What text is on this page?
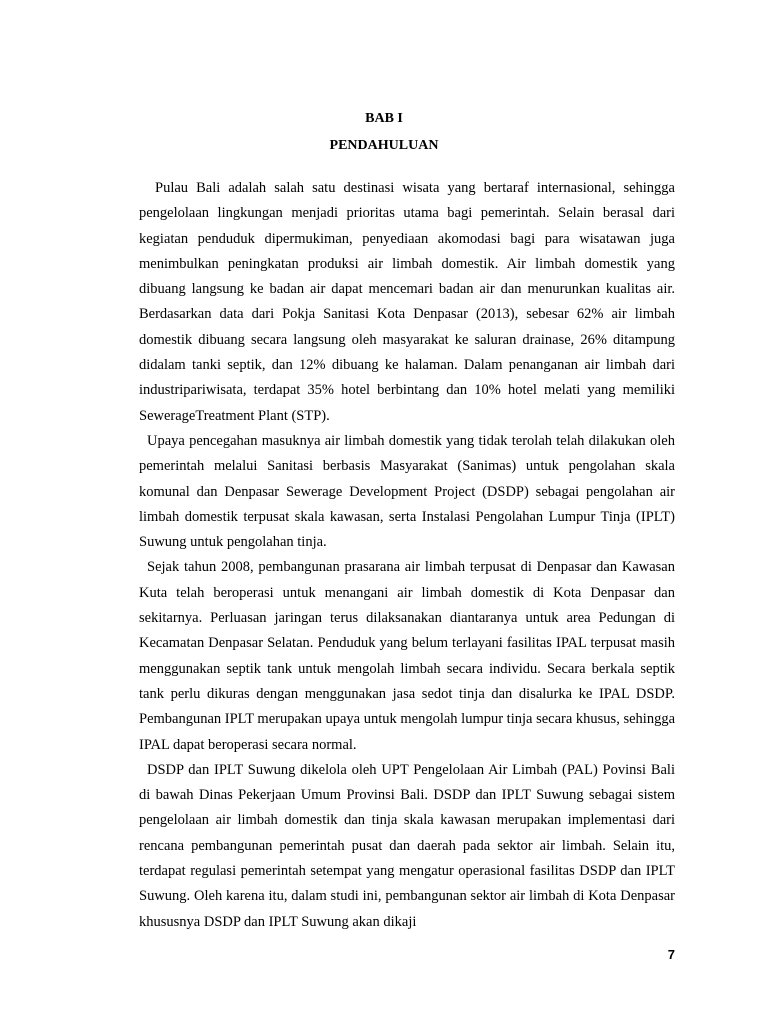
BAB I
PENDAHULUAN

Pulau Bali adalah salah satu destinasi wisata yang bertaraf internasional, sehingga pengelolaan lingkungan menjadi prioritas utama bagi pemerintah. Selain berasal dari kegiatan penduduk dipermukiman, penyediaan akomodasi bagi para wisatawan juga menimbulkan peningkatan produksi air limbah domestik. Air limbah domestik yang dibuang langsung ke badan air dapat mencemari badan air dan menurunkan kualitas air. Berdasarkan data dari Pokja Sanitasi Kota Denpasar (2013), sebesar 62% air limbah domestik dibuang secara langsung oleh masyarakat ke saluran drainase, 26% ditampung didalam tanki septik, dan 12% dibuang ke halaman. Dalam penanganan air limbah dari industripariwisata, terdapat 35% hotel berbintang dan 10% hotel melati yang memiliki SewerageTreatment Plant (STP).

Upaya pencegahan masuknya air limbah domestik yang tidak terolah telah dilakukan oleh pemerintah melalui Sanitasi berbasis Masyarakat (Sanimas) untuk pengolahan skala komunal dan Denpasar Sewerage Development Project (DSDP) sebagai pengolahan air limbah domestik terpusat skala kawasan, serta Instalasi Pengolahan Lumpur Tinja (IPLT) Suwung untuk pengolahan tinja.

Sejak tahun 2008, pembangunan prasarana air limbah terpusat di Denpasar dan Kawasan Kuta telah beroperasi untuk menangani air limbah domestik di Kota Denpasar dan sekitarnya. Perluasan jaringan terus dilaksanakan diantaranya untuk area Pedungan di Kecamatan Denpasar Selatan. Penduduk yang belum terlayani fasilitas IPAL terpusat masih menggunakan septik tank untuk mengolah limbah secara individu. Secara berkala septik tank perlu dikuras dengan menggunakan jasa sedot tinja dan disalurka ke IPAL DSDP. Pembangunan IPLT merupakan upaya untuk mengolah lumpur tinja secara khusus, sehingga IPAL dapat beroperasi secara normal.

DSDP dan IPLT Suwung dikelola oleh UPT Pengelolaan Air Limbah (PAL) Povinsi Bali di bawah Dinas Pekerjaan Umum Provinsi Bali. DSDP dan IPLT Suwung sebagai sistem pengelolaan air limbah domestik dan tinja skala kawasan merupakan implementasi dari rencana pembangunan pemerintah pusat dan daerah pada sektor air limbah. Selain itu, terdapat regulasi pemerintah setempat yang mengatur operasional fasilitas DSDP dan IPLT Suwung. Oleh karena itu, dalam studi ini, pembangunan sektor air limbah di Kota Denpasar khususnya DSDP dan IPLT Suwung akan dikaji

7
